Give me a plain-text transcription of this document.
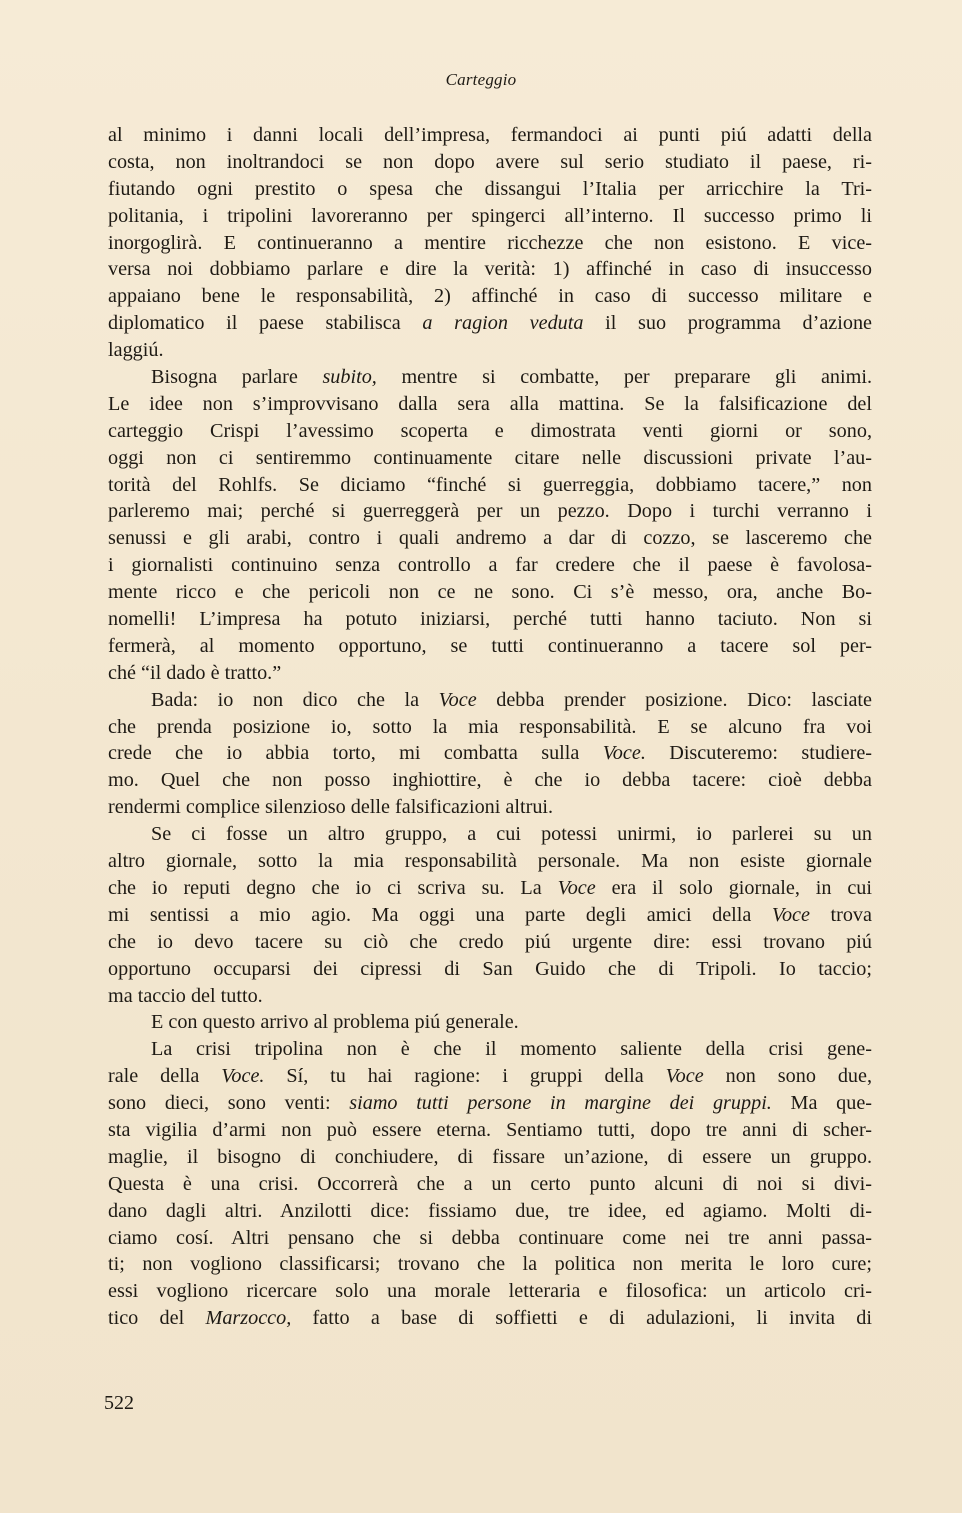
Carteggio
al minimo i danni locali dell’impresa, fermandoci ai punti piú adatti della
costa, non inoltrandoci se non dopo avere sul serio studiato il paese, ri-
fiutando ogni prestito o spesa che dissangui l’Italia per arricchire la Tri-
politania, i tripolini lavoreranno per spingerci all’interno. Il successo primo li
inorgoglirà. E continueranno a mentire ricchezze che non esistono. E vice-
versa noi dobbiamo parlare e dire la verità: 1) affinché in caso di insuccesso
appaiano bene le responsabilità, 2) affinché in caso di successo militare e
diplomatico il paese stabilisca a ragion veduta il suo programma d’azione
laggiú.
Bisogna parlare subito, mentre si combatte, per preparare gli animi.
Le idee non s’improvvisano dalla sera alla mattina. Se la falsificazione del
carteggio Crispi l’avessimo scoperta e dimostrata venti giorni or sono,
oggi non ci sentiremmo continuamente citare nelle discussioni private l’au-
torità del Rohlfs. Se diciamo “finché si guerreggia, dobbiamo tacere,” non
parleremo mai; perché si guerreggerà per un pezzo. Dopo i turchi verranno i
senussi e gli arabi, contro i quali andremo a dar di cozzo, se lasceremo che
i giornalisti continuino senza controllo a far credere che il paese è favolosa-
mente ricco e che pericoli non ce ne sono. Ci s’è messo, ora, anche Bo-
nomelli! L’impresa ha potuto iniziarsi, perché tutti hanno taciuto. Non si
fermerà, al momento opportuno, se tutti continueranno a tacere sol per-
ché “il dado è tratto.”
Bada: io non dico che la Voce debba prender posizione. Dico: lasciate
che prenda posizione io, sotto la mia responsabilità. E se alcuno fra voi
crede che io abbia torto, mi combatta sulla Voce. Discuteremo: studiere-
mo. Quel che non posso inghiottire, è che io debba tacere: cioè debba
rendermi complice silenzioso delle falsificazioni altrui.
Se ci fosse un altro gruppo, a cui potessi unirmi, io parlerei su un
altro giornale, sotto la mia responsabilità personale. Ma non esiste giornale
che io reputi degno che io ci scriva su. La Voce era il solo giornale, in cui
mi sentissi a mio agio. Ma oggi una parte degli amici della Voce trova
che io devo tacere su ciò che credo piú urgente dire: essi trovano piú
opportuno occuparsi dei cipressi di San Guido che di Tripoli. Io taccio;
ma taccio del tutto.
E con questo arrivo al problema piú generale.
La crisi tripolina non è che il momento saliente della crisi gene-
rale della Voce. Sí, tu hai ragione: i gruppi della Voce non sono due,
sono dieci, sono venti: siamo tutti persone in margine dei gruppi. Ma que-
sta vigilia d’armi non può essere eterna. Sentiamo tutti, dopo tre anni di scher-
maglie, il bisogno di conchiudere, di fissare un’azione, di essere un gruppo.
Questa è una crisi. Occorrerà che a un certo punto alcuni di noi si divi-
dano dagli altri. Anzilotti dice: fissiamo due, tre idee, ed agiamo. Molti di-
ciamo cosí. Altri pensano che si debba continuare come nei tre anni passa-
ti; non vogliono classificarsi; trovano che la politica non merita le loro cure;
essi vogliono ricercare solo una morale letteraria e filosofica: un articolo cri-
tico del Marzocco, fatto a base di soffietti e di adulazioni, li invita di
522
